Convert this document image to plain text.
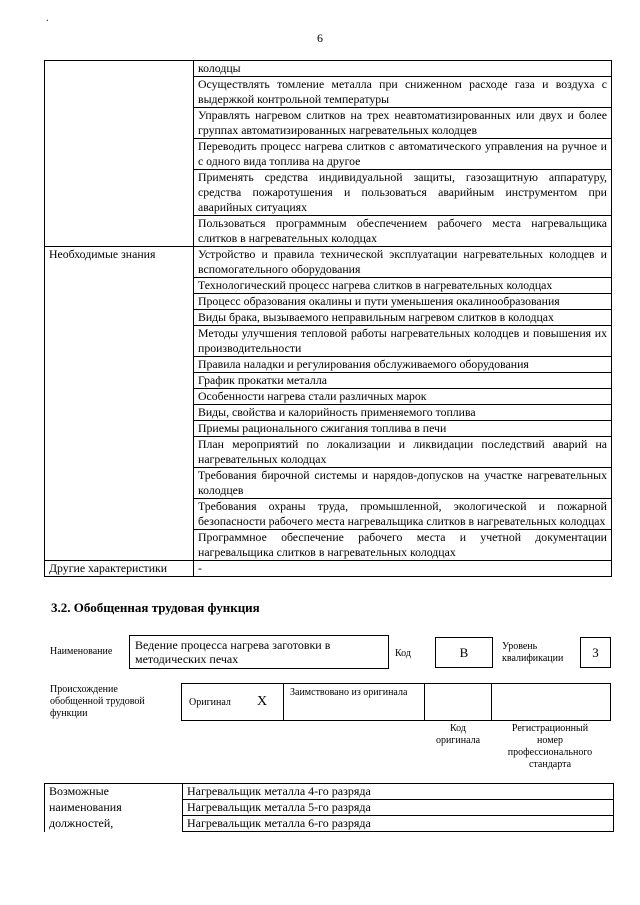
.
6
	колодцы
	Осуществлять томление металла при сниженном расходе газа и воздуха с выдержкой контрольной температуры
	Управлять нагревом слитков на трех неавтоматизированных или двух и более группах автоматизированных нагревательных колодцев
	Переводить процесс нагрева слитков с автоматического управления на ручное и с одного вида топлива на другое
	Применять средства индивидуальной защиты, газозащитную аппаратуру, средства пожаротушения и пользоваться аварийным инструментом при аварийных ситуациях
	Пользоваться программным обеспечением рабочего места нагревальщика слитков в нагревательных колодцах
Необходимые знания	Устройство и правила технической эксплуатации нагревательных колодцев и вспомогательного оборудования
	Технологический процесс нагрева слитков в нагревательных колодцах
	Процесс образования окалины и пути уменьшения окалинообразования
	Виды брака, вызываемого неправильным нагревом слитков в колодцах
	Методы улучшения тепловой работы нагревательных колодцев и повышения их производительности
	Правила наладки и регулирования обслуживаемого оборудования
	График прокатки металла
	Особенности нагрева стали различных марок
	Виды, свойства и калорийность применяемого топлива
	Приемы рационального сжигания топлива в печи
	План мероприятий по локализации и ликвидации последствий аварий на нагревательных колодцах
	Требования бирочной системы и нарядов-допусков на участке нагревательных колодцев
	Требования охраны труда, промышленной, экологической и пожарной безопасности рабочего места нагревальщика слитков в нагревательных колодцах
	Программное обеспечение рабочего места и учетной документации нагревальщика слитков в нагревательных колодцах
Другие характеристики	-
3.2. Обобщенная трудовая функция
Наименование	Ведение процесса нагрева заготовки в методических печах	Код	B	Уровень квалификации	3
Происхождение обобщенной трудовой функции
Оригинал X
Заимствовано из оригинала
Код оригинала
Регистрационный номер профессионального стандарта
Возможные	Нагревальщик металла 4-го разряда
наименования	Нагревальщик металла 5-го разряда
должностей,	Нагревальщик металла 6-го разряда
